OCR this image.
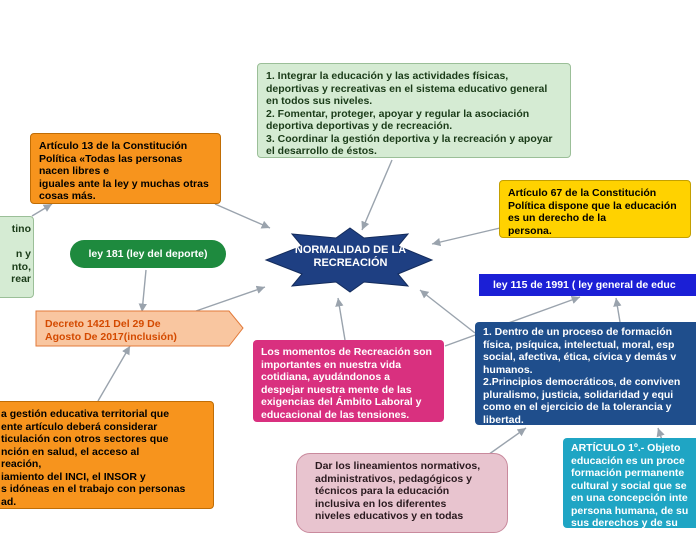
NORMALIDAD DE LA RECREACIÓN
1. Integrar la educación y las actividades físicas, deportivas y recreativas en el sistema educativo general en todos sus niveles.
2. Fomentar, proteger, apoyar y regular la asociación deportiva deportivas y de recreación.
3. Coordinar la gestión deportiva y la recreación y apoyar el desarrollo de éstos.
Artículo 13 de la Constitución Política «Todas las personas nacen libres e
iguales ante la ley y muchas otras cosas más.	Artículo 67 de la Constitución Política dispone que la educación es un derecho de la
persona.
tino

n y
nto,
rear
ley 181 (ley del deporte)
Decreto 1421 Del 29 De
Agosto De 2017(inclusión)
Los momentos de Recreación son importantes en nuestra vida cotidiana, ayudándonos a despejar nuestra mente de las exigencias del Ámbito Laboral y educacional de las tensiones.
ley 115 de 1991 ( ley general de educ
1. Dentro de un proceso de formación
física, psíquica, intelectual, moral, esp
social, afectiva, ética, cívica y demás v
humanos.
2.Principios democráticos, de conviven
pluralismo, justicia, solidaridad y equi
como en el ejercicio de la tolerancia y
libertad.
a gestión educativa territorial que
ente artículo deberá considerar
ticulación con otros sectores que
nción en salud, el acceso al
reación,
iamiento del INCI, el INSOR y
s idóneas en el trabajo con personas
ad.
Dar los lineamientos normativos, administrativos, pedagógicos y técnicos para la educación
inclusiva en los diferentes
niveles educativos y en todas
ARTÍCULO 1º.- Objeto
educación es un proce
formación permanente
cultural y social que se
en una concepción inte
persona humana, de su
sus derechos y de su
